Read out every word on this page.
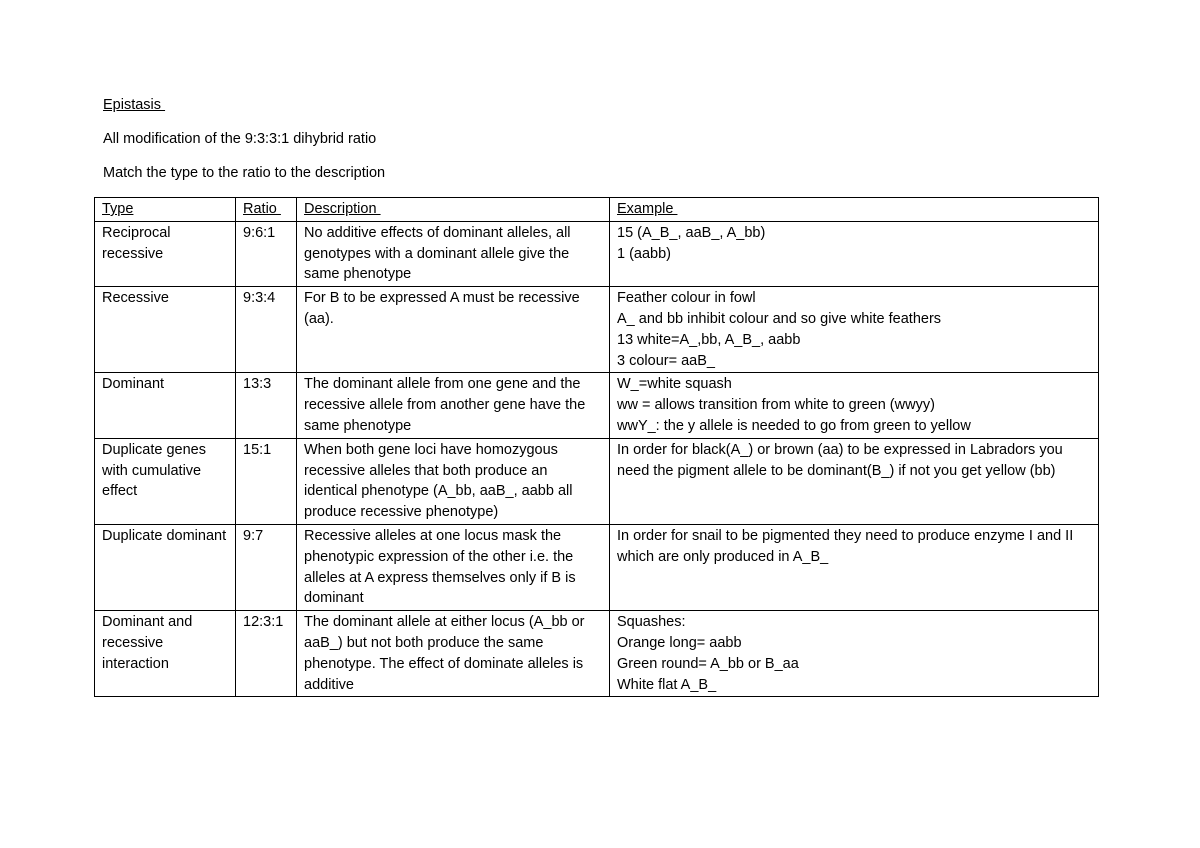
Epistasis
All modification of the 9:3:3:1 dihybrid ratio
Match the type to the ratio to the description
Type	Ratio	Description	Example
Reciprocal recessive	9:6:1	No additive effects of dominant alleles, all genotypes with a dominant allele give the same phenotype	15 (A_B_, aaB_, A_bb)
1 (aabb)

Recessive	9:3:4	For B to be expressed A must be recessive (aa).	Feather colour in fowl
A_ and bb inhibit colour and so give white feathers
13 white=A_,bb, A_B_, aabb
3 colour= aaB_

Dominant	13:3	The dominant allele from one gene and the recessive allele from another gene have the same phenotype	W_=white squash
ww = allows transition from white to green (wwyy)
wwY_: the y allele is needed to go from green to yellow

Duplicate genes with cumulative effect	15:1	When both gene loci have homozygous recessive alleles that both produce an identical phenotype (A_bb, aaB_, aabb all produce recessive phenotype)	In order for black(A_) or brown (aa) to be expressed in Labradors you need the pigment allele to be dominant(B_) if not you get yellow (bb)

Duplicate dominant	9:7	Recessive alleles at one locus mask the phenotypic expression of the other i.e. the alleles at A express themselves only if B is dominant	In order for snail to be pigmented they need to produce enzyme I and II which are only produced in A_B_

Dominant and recessive interaction	12:3:1	The dominant allele at either locus (A_bb or aaB_) but not both produce the same phenotype. The effect of dominate alleles is additive	Squashes:
Orange long= aabb
Green round= A_bb or B_aa
White flat A_B_
